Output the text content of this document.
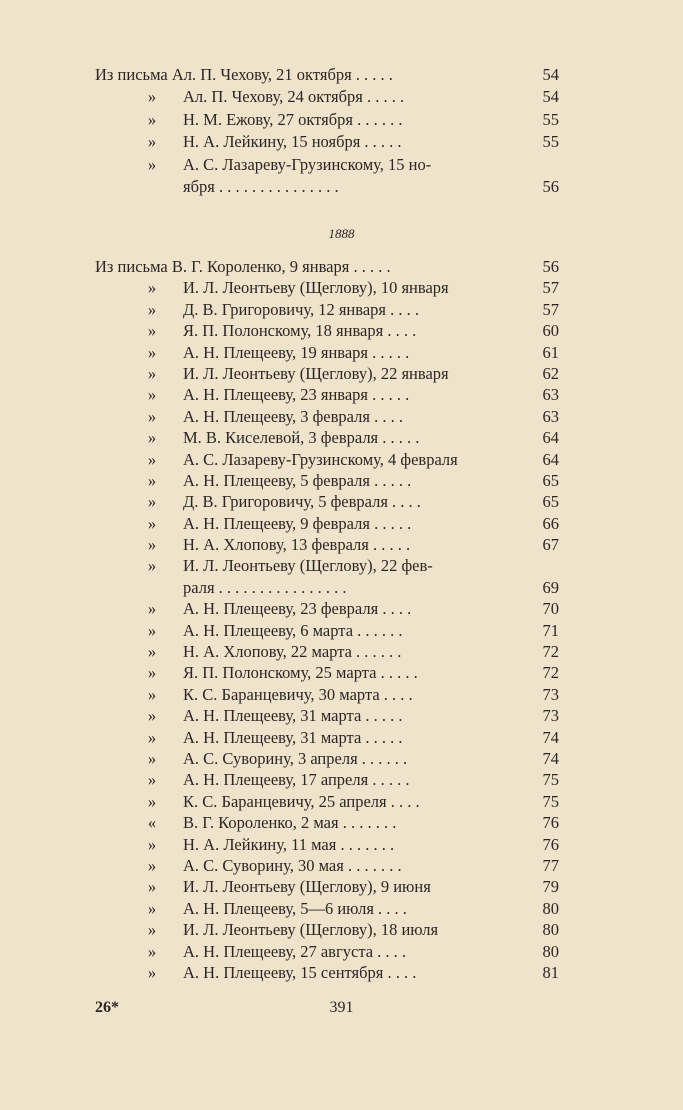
Из письма Ал. П. Чехову, 21 октября . . . . .	54
» Ал. П. Чехову, 24 октября . . . . .	54
» Н. М. Ежову, 27 октября . . . . . .	55
» Н. А. Лейкину, 15 ноября . . . . .	55
» А. С. Лазареву-Грузинскому, 15 но-
ября . . . . . . . . . . . . . . .	56
1888
Из письма В. Г. Короленко, 9 января . . . . .	56
» И. Л. Леонтьеву (Щеглову), 10 января	57
» Д. В. Григоровичу, 12 января . . . .	57
» Я. П. Полонскому, 18 января . . . .	60
» А. Н. Плещееву, 19 января . . . . .	61
» И. Л. Леонтьеву (Щеглову), 22 января	62
» А. Н. Плещееву, 23 января . . . . .	63
» А. Н. Плещееву, 3 февраля . . . .	63
» М. В. Киселевой, 3 февраля . . . . .	64
» А. С. Лазареву-Грузинскому, 4 февраля	64
» А. Н. Плещееву, 5 февраля . . . . .	65
» Д. В. Григоровичу, 5 февраля . . . .	65
» А. Н. Плещееву, 9 февраля . . . . .	66
» Н. А. Хлопову, 13 февраля . . . . .	67
» И. Л. Леонтьеву (Щеглову), 22 фев-
раля . . . . . . . . . . . . . . . .	69
» А. Н. Плещееву, 23 февраля . . . .	70
» А. Н. Плещееву, 6 марта . . . . . .	71
» Н. А. Хлопову, 22 марта . . . . . .	72
» Я. П. Полонскому, 25 марта . . . . .	72
» К. С. Баранцевичу, 30 марта . . . .	73
» А. Н. Плещееву, 31 марта . . . . .	73
» А. Н. Плещееву, 31 марта . . . . .	74
» А. С. Суворину, 3 апреля . . . . . .	74
» А. Н. Плещееву, 17 апреля . . . . .	75
» К. С. Баранцевичу, 25 апреля . . . .	75
« В. Г. Короленко, 2 мая . . . . . . .	76
» Н. А. Лейкину, 11 мая . . . . . . .	76
» А. С. Суворину, 30 мая . . . . . . .	77
» И. Л. Леонтьеву (Щеглову), 9 июня	79
» А. Н. Плещееву, 5—6 июля . . . .	80
» И. Л. Леонтьеву (Щеглову), 18 июля	80
» А. Н. Плещееву, 27 августа . . . .	80
» А. Н. Плещееву, 15 сентября . . . .	81
26*	391
